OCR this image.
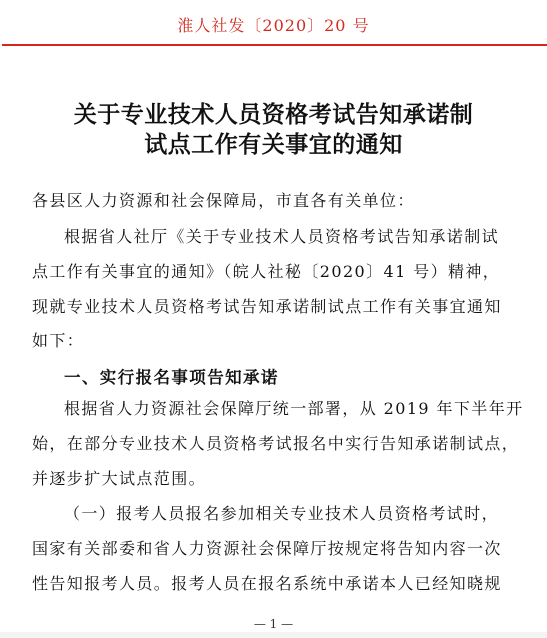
淮人社发〔2020〕20 号
关于专业技术人员资格考试告知承诺制
试点工作有关事宜的通知
各县区人力资源和社会保障局，市直各有关单位：
根据省人社厅《关于专业技术人员资格考试告知承诺制试
点工作有关事宜的通知》（皖人社秘〔2020〕41 号）精神，
现就专业技术人员资格考试告知承诺制试点工作有关事宜通知
如下：
一、实行报名事项告知承诺
根据省人力资源社会保障厅统一部署，从 2019 年下半年开
始，在部分专业技术人员资格考试报名中实行告知承诺制试点，
并逐步扩大试点范围。
（一）报考人员报名参加相关专业技术人员资格考试时，
国家有关部委和省人力资源社会保障厅按规定将告知内容一次
性告知报考人员。报考人员在报名系统中承诺本人已经知晓规
— 1 —
